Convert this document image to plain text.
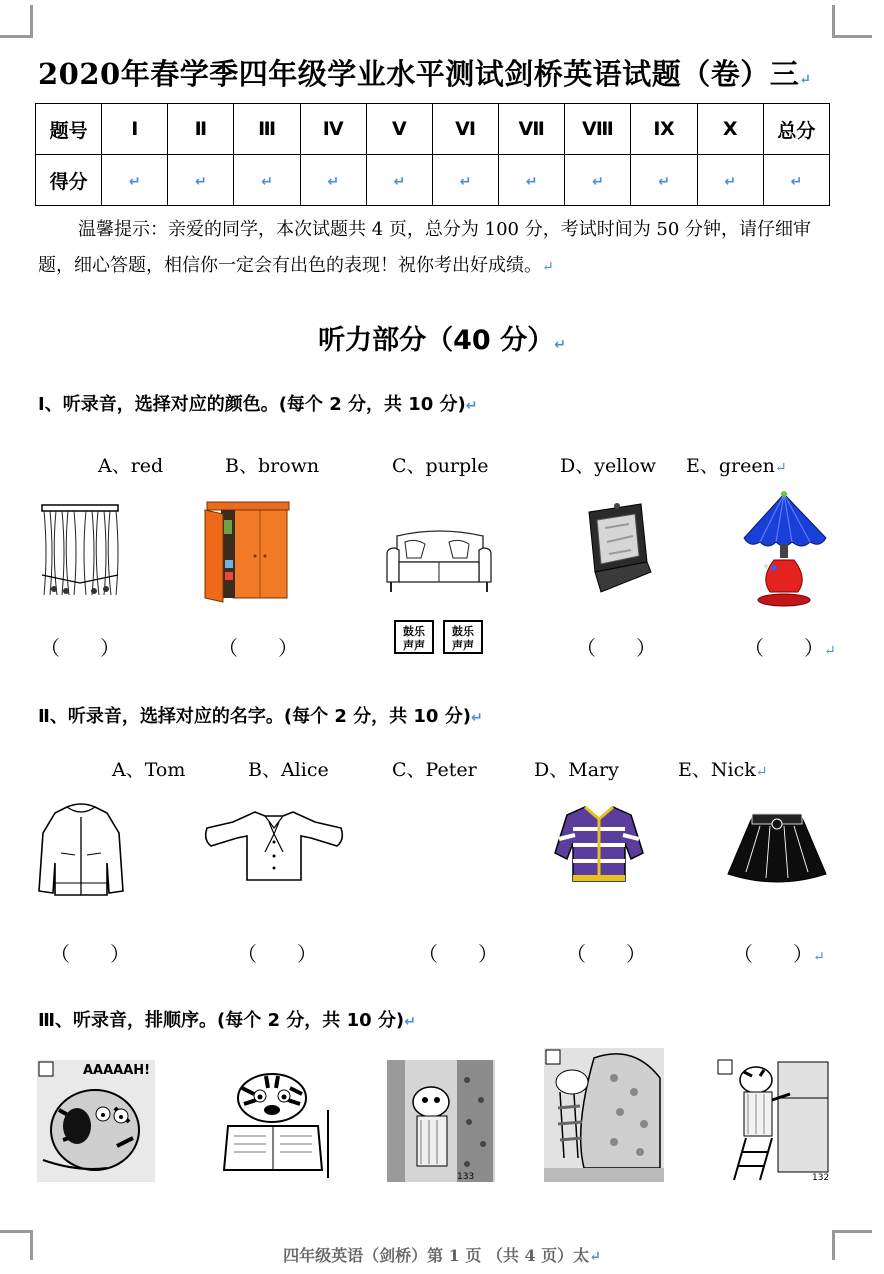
2020年春学季四年级学业水平测试剑桥英语试题（卷）三↵
题号	Ⅰ	Ⅱ	Ⅲ	Ⅳ	Ⅴ	Ⅵ	Ⅶ	Ⅷ	Ⅸ	Ⅹ	总分
得分	↵	↵	↵	↵	↵	↵	↵	↵	↵	↵	↵
温馨提示：亲爱的同学，本次试题共 4 页，总分为 100 分，考试时间为 50 分钟，请仔细审题，细心答题，相信你一定会有出色的表现！祝你考出好成绩。↵
听力部分（40 分）↵
Ⅰ、听录音，选择对应的颜色。(每个 2 分，共 10 分)↵
A、red	B、brown	C、purple	D、yellow E、green↵
（　　）	（　　）
鼓乐
声声
鼓乐
声声	（　　）	（　　）↵
Ⅱ、听录音，选择对应的名字。(每个 2 分，共 10 分)↵
A、Tom	B、Alice	C、Peter	D、Mary	E、Nick↵
（　　）	（　　）	（　　）	（　　）	（　　）↵
Ⅲ、听录音，排顺序。(每个 2 分，共 10 分)↵
AAAAAH!
133	132
四年级英语（剑桥）第 1 页 （共 4 页）太↵
